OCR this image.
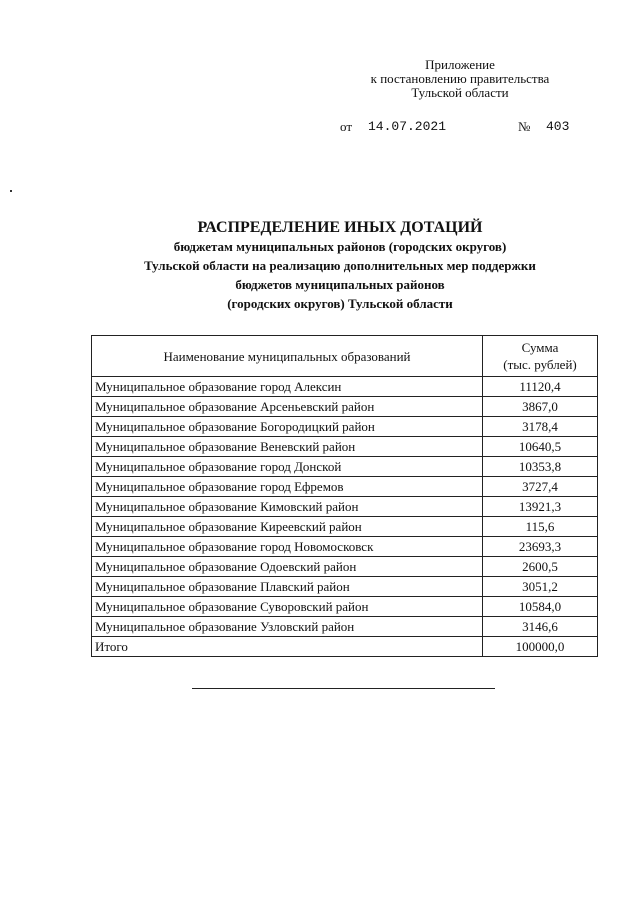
Приложение
к постановлению правительства
Тульской области
от 14.07.2021	№ 403
РАСПРЕДЕЛЕНИЕ ИНЫХ ДОТАЦИЙ
бюджетам муниципальных районов (городских округов)
Тульской области на реализацию дополнительных мер поддержки
бюджетов муниципальных районов
(городских округов) Тульской области
Наименование муниципальных образований	Сумма
(тыс. рублей)

Муниципальное образование город Алексин	11120,4
Муниципальное образование Арсеньевский район	3867,0
Муниципальное образование Богородицкий район	3178,4
Муниципальное образование Веневский район	10640,5
Муниципальное образование город Донской	10353,8
Муниципальное образование город Ефремов	3727,4
Муниципальное образование Кимовский район	13921,3
Муниципальное образование Киреевский район	115,6
Муниципальное образование город Новомосковск	23693,3
Муниципальное образование Одоевский район	2600,5
Муниципальное образование Плавский район	3051,2
Муниципальное образование Суворовский район	10584,0
Муниципальное образование Узловский район	3146,6
Итого	100000,0
